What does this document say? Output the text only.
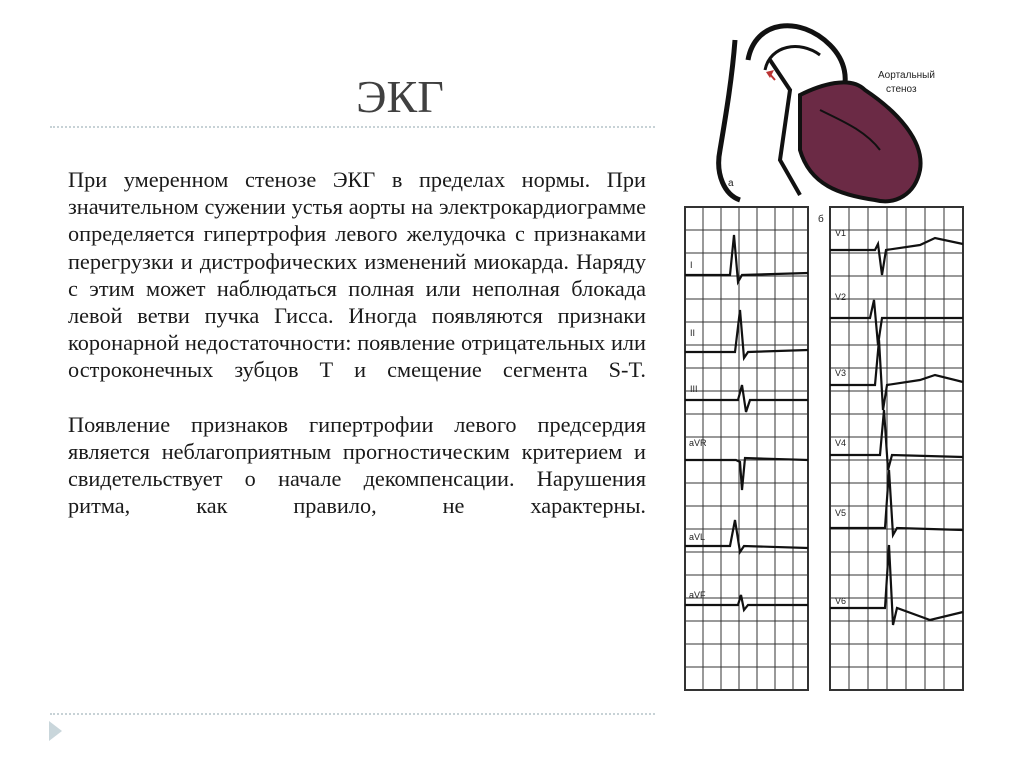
ЭКГ

При умеренном стенозе ЭКГ в пределах нормы. При значительном сужении устья аорты на электрокардиограмме определяется гипертрофия левого желудочка с признаками перегрузки и дистрофических изменений миокарда. Наряду с этим может наблюдаться полная или неполная блокада левой ветви пучка Гисса. Иногда появляются признаки коронарной недостаточности: появление отрицательных или остроконечных зубцов Т и смещение сегмента S-T.

Появление признаков гипертрофии левого предсердия является неблагоприятным прогностическим критерием и свидетельствует о начале декомпенсации. Нарушения ритма, как правило, не характерны.

Аортальный
стеноз
а
I
II
III
aVR
aVL
aVF
б
V1
V2
V3
V4
V5
V6
